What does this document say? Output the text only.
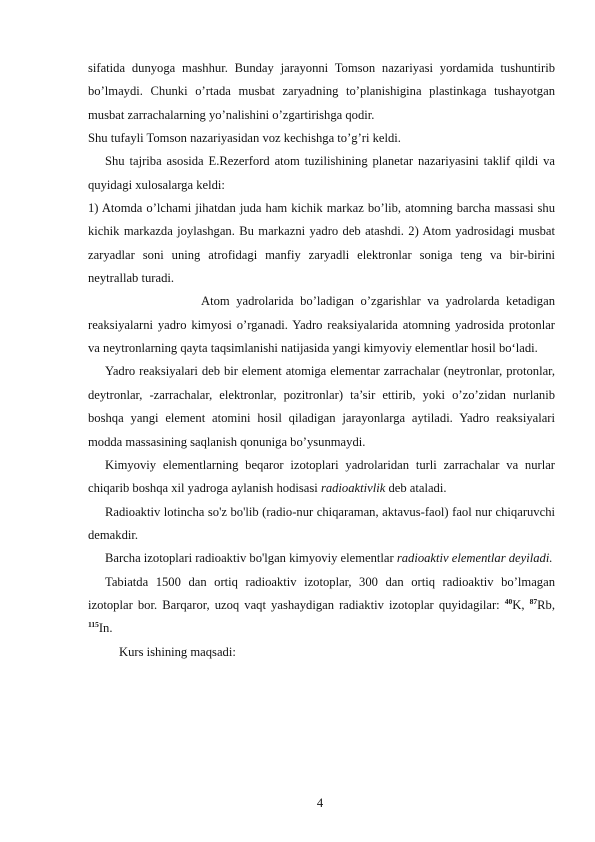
sifatida dunyoga mashhur. Bunday jarayonni Tomson nazariyasi yordamida tushuntirib bo’lmaydi. Chunki o’rtada musbat zaryadning to’planishigina plastinkaga tushayotgan musbat zarrachalarning yo’nalishini o’zgartirishga qodir.

Shu tufayli Tomson nazariyasidan voz kechishga to’g’ri keldi.

Shu tajriba asosida E.Rezerford atom tuzilishining planetar nazariyasini taklif qildi va quyidagi xulosalarga keldi:

1) Atomda o’lchami jihatdan juda ham kichik markaz bo’lib, atomning barcha massasi shu kichik markazda joylashgan. Bu markazni yadro deb atashdi. 2) Atom yadrosidagi musbat zaryadlar soni uning atrofidagi manfiy zaryadli elektronlar soniga teng va bir-birini neytrallab turadi.

Atom yadrolarida bo’ladigan o’zgarishlar va yadrolarda ketadigan reaksiyalarni yadro kimyosi o’rganadi. Yadro reaksiyalarida atomning yadrosida protonlar va neytronlarning qayta taqsimlanishi natijasida yangi kimyoviy elementlar hosil bo‘ladi.

Yadro reaksiyalari deb bir element atomiga elementar zarrachalar (neytronlar, protonlar, deytronlar, -zarrachalar, elektronlar, pozitronlar) ta’sir ettirib, yoki o’zo’zidan nurlanib boshqa yangi element atomini hosil qiladigan jarayonlarga aytiladi. Yadro reaksiyalari modda massasining saqlanish qonuniga bo’ysunmaydi.

Kimyoviy elementlarning beqaror izotoplari yadrolaridan turli zarrachalar va nurlar chiqarib boshqa xil yadroga aylanish hodisasi radioaktivlik deb ataladi.

Radioaktiv lotincha so'z bo'lib (radio-nur chiqaraman, aktavus-faol) faol nur chiqaruvchi demakdir.

Barcha izotoplari radioaktiv bo'lgan kimyoviy elementlar radioaktiv elementlar deyiladi.

Tabiatda 1500 dan ortiq radioaktiv izotoplar, 300 dan ortiq radioaktiv bo’lmagan izotoplar bor. Barqaror, uzoq vaqt yashaydigan radiaktiv izotoplar quyidagilar: $^{40}$K, $^{87}$Rb, $^{115}$In.

Kurs ishining maqsadi:

4
